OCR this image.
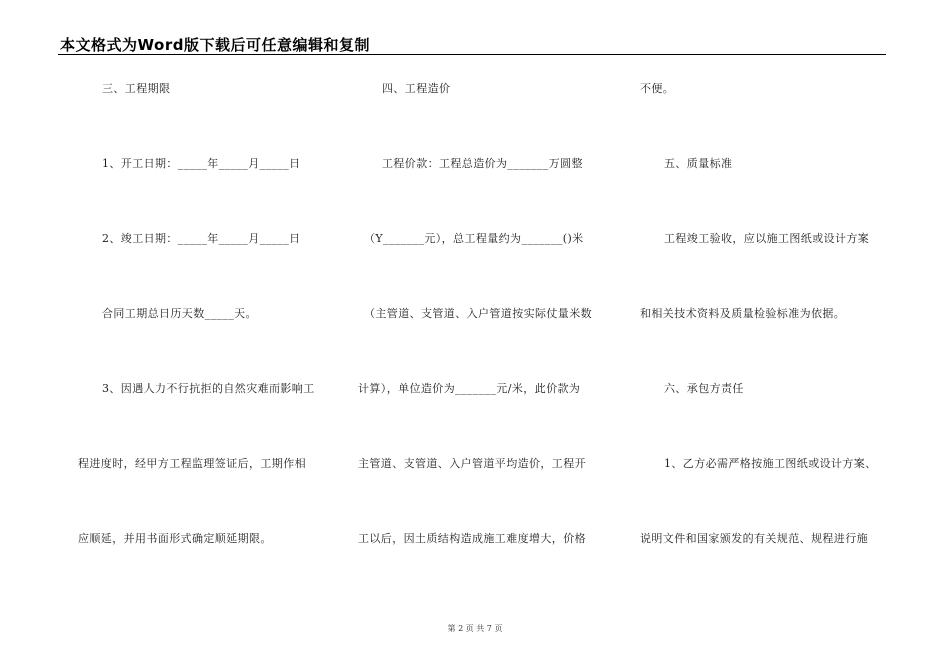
本文格式为Word版下载后可任意编辑和复制
三、工程期限
1、开工日期：_____年_____月_____日
2、竣工日期：_____年_____月_____日
合同工期总日历天数_____天。
3、因遇人力不行抗拒的自然灾难而影响工
程进度时，经甲方工程监理签证后，工期作相
应顺延，并用书面形式确定顺延期限。
四、工程造价
工程价款：工程总造价为_______万圆整
（Y_______元），总工程量约为_______()米
（主管道、支管道、入户管道按实际仗量米数
计算），单位造价为_______元/米，此价款为
主管道、支管道、入户管道平均造价，工程开
工以后，因土质结构造成施工难度增大，价格
不便。
五、质量标准
工程竣工验收，应以施工图纸或设计方案
和相关技术资料及质量检验标准为依据。
六、承包方责任
1、乙方必需严格按施工图纸或设计方案、
说明文件和国家颁发的有关规范、规程进行施
第 2 页 共 7 页
